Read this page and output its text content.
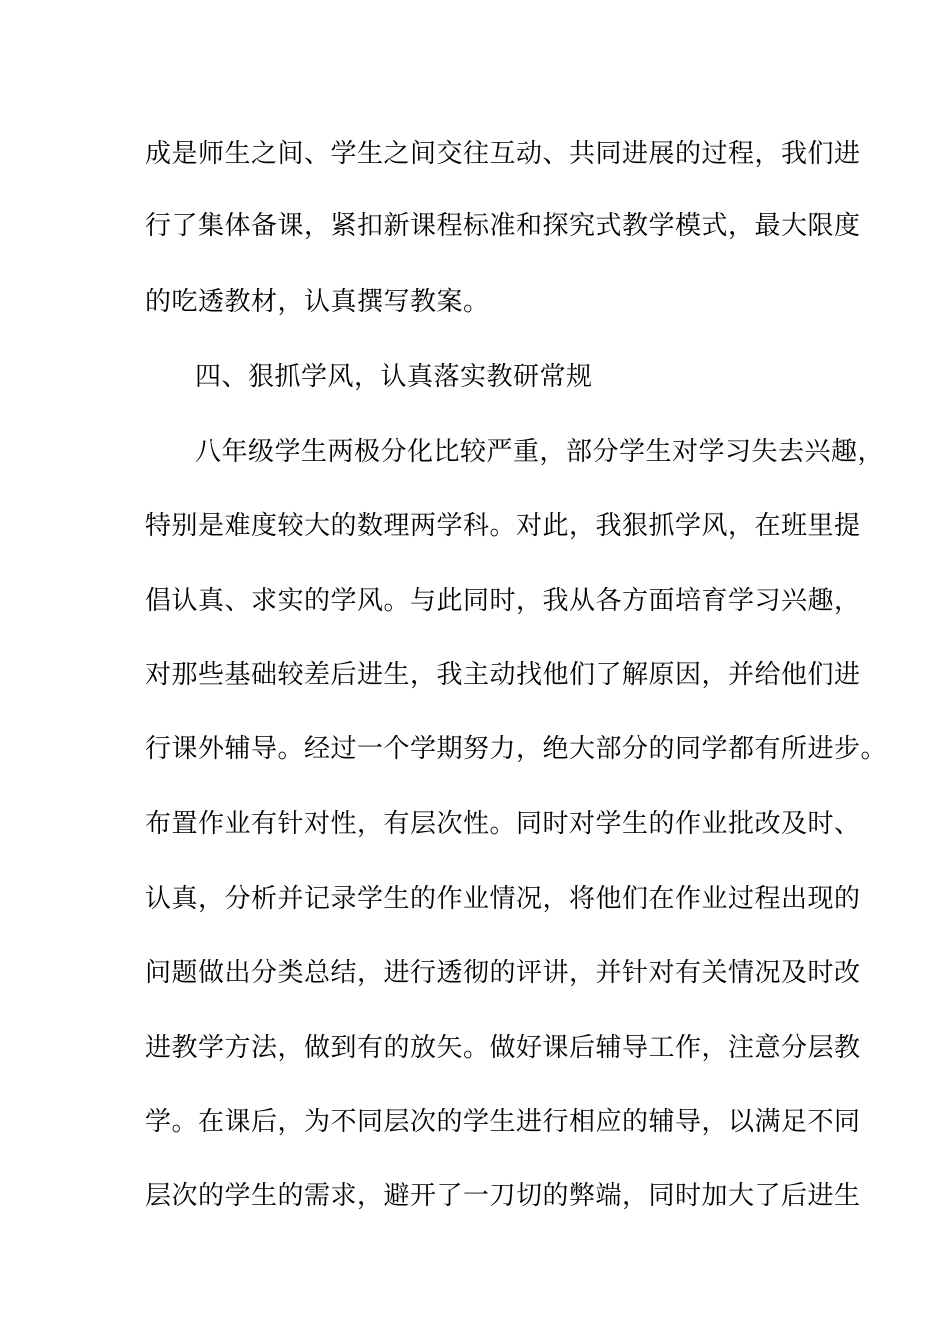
成是师生之间、学生之间交往互动、共同进展的过程，我们进
行了集体备课，紧扣新课程标准和探究式教学模式，最大限度
的吃透教材，认真撰写教案。
四、狠抓学风，认真落实教研常规
八年级学生两极分化比较严重，部分学生对学习失去兴趣，
特别是难度较大的数理两学科。对此，我狠抓学风，在班里提
倡认真、求实的学风。与此同时，我从各方面培育学习兴趣，
对那些基础较差后进生，我主动找他们了解原因，并给他们进
行课外辅导。经过一个学期努力，绝大部分的同学都有所进步。
布置作业有针对性，有层次性。同时对学生的作业批改及时、
认真，分析并记录学生的作业情况，将他们在作业过程出现的
问题做出分类总结，进行透彻的评讲，并针对有关情况及时改
进教学方法，做到有的放矢。做好课后辅导工作，注意分层教
学。在课后，为不同层次的学生进行相应的辅导，以满足不同
层次的学生的需求，避开了一刀切的弊端，同时加大了后进生
